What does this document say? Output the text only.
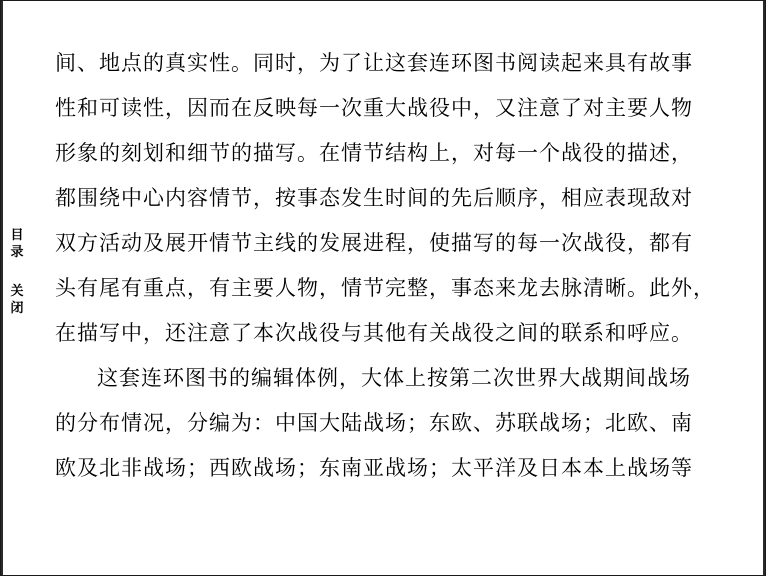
目
录
关
闭

间、地点的真实性。同时，为了让这套连环图书阅读起来具有故事
性和可读性，因而在反映每一次重大战役中，又注意了对主要人物
形象的刻划和细节的描写。在情节结构上，对每一个战役的描述，
都围绕中心内容情节，按事态发生时间的先后顺序，相应表现敌对
双方活动及展开情节主线的发展进程，使描写的每一次战役，都有
头有尾有重点，有主要人物，情节完整，事态来龙去脉清晰。此外，
在描写中，还注意了本次战役与其他有关战役之间的联系和呼应。

这套连环图书的编辑体例，大体上按第二次世界大战期间战场
的分布情况，分编为：中国大陆战场；东欧、苏联战场；北欧、南
欧及北非战场；西欧战场；东南亚战场；太平洋及日本本上战场等
